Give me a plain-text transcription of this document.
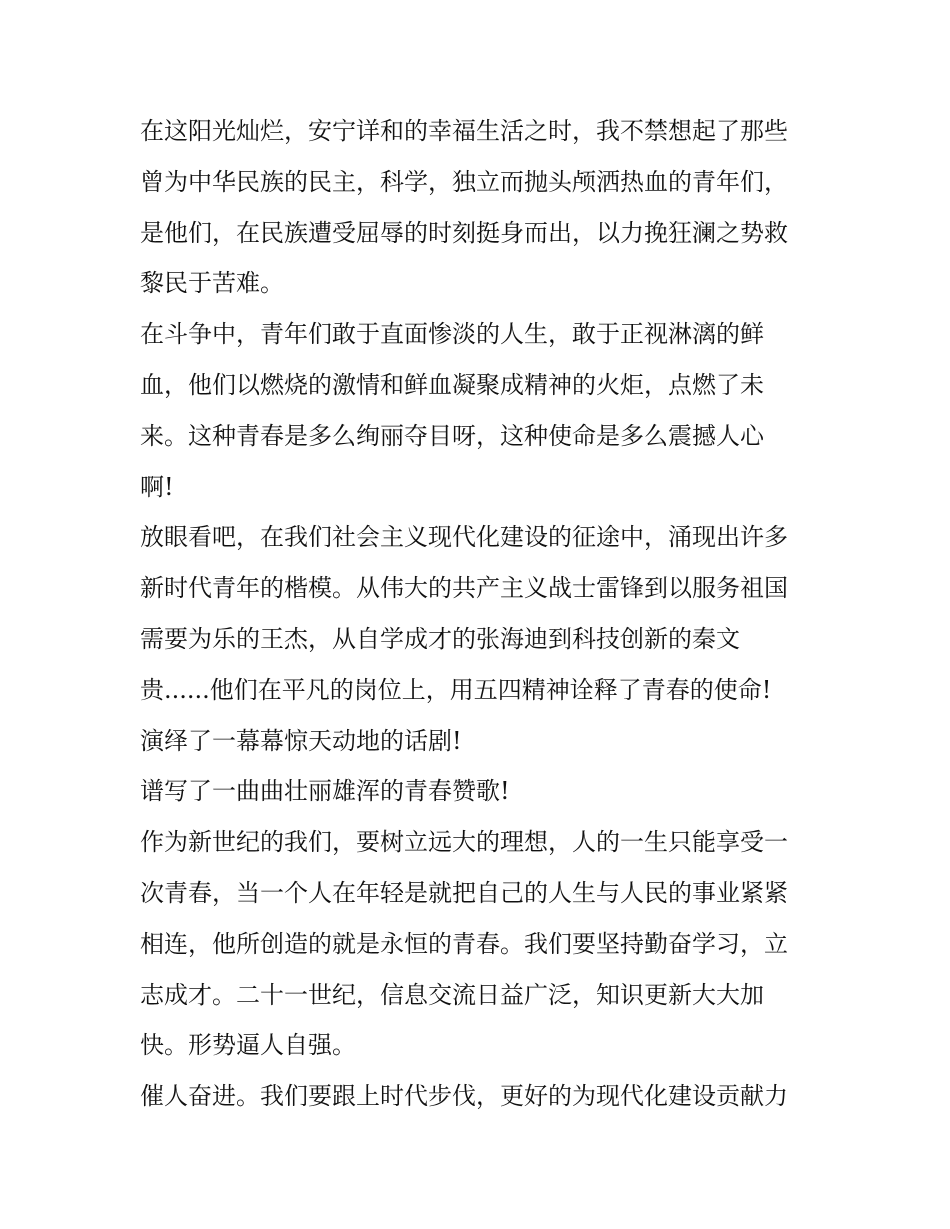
在这阳光灿烂，安宁详和的幸福生活之时，我不禁想起了那些
曾为中华民族的民主，科学，独立而抛头颅洒热血的青年们，
是他们，在民族遭受屈辱的时刻挺身而出，以力挽狂澜之势救
黎民于苦难。
在斗争中，青年们敢于直面惨淡的人生，敢于正视淋漓的鲜
血，他们以燃烧的激情和鲜血凝聚成精神的火炬，点燃了未
来。这种青春是多么绚丽夺目呀，这种使命是多么震撼人心
啊!
放眼看吧，在我们社会主义现代化建设的征途中，涌现出许多
新时代青年的楷模。从伟大的共产主义战士雷锋到以服务祖国
需要为乐的王杰，从自学成才的张海迪到科技创新的秦文
贵......他们在平凡的岗位上，用五四精神诠释了青春的使命!
演绎了一幕幕惊天动地的话剧!
谱写了一曲曲壮丽雄浑的青春赞歌!
作为新世纪的我们，要树立远大的理想，人的一生只能享受一
次青春，当一个人在年轻是就把自己的人生与人民的事业紧紧
相连，他所创造的就是永恒的青春。我们要坚持勤奋学习，立
志成才。二十一世纪，信息交流日益广泛，知识更新大大加
快。形势逼人自强。
催人奋进。我们要跟上时代步伐，更好的为现代化建设贡献力
